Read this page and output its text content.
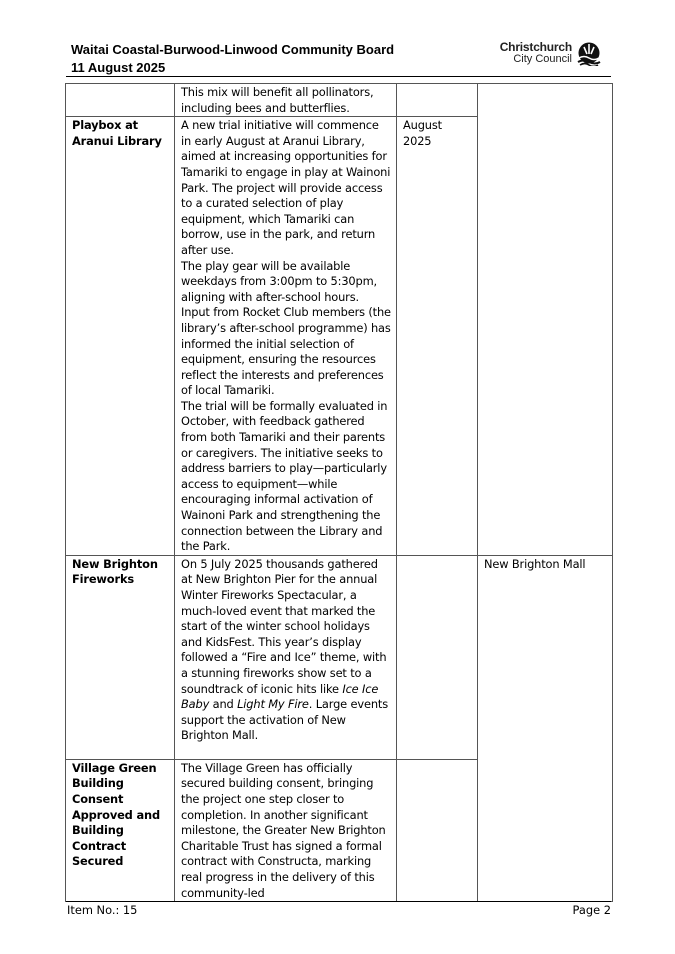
Waitai Coastal-Burwood-Linwood Community Board
11 August 2025
Christchurch
City Council

	This mix will benefit all pollinators, including bees and butterflies.		

Playbox at Aranui Library	A new trial initiative will commence in early August at Aranui Library, aimed at increasing opportunities for Tamariki to engage in play at Wainoni Park. The project will provide access to a curated selection of play equipment, which Tamariki can borrow, use in the park, and return after use.

The play gear will be available weekdays from 3:00pm to 5:30pm, aligning with after-school hours. Input from Rocket Club members (the library’s after-school programme) has informed the initial selection of equipment, ensuring the resources reflect the interests and preferences of local Tamariki.

The trial will be formally evaluated in October, with feedback gathered from both Tamariki and their parents or caregivers. The initiative seeks to address barriers to play—particularly access to equipment—while encouraging informal activation of Wainoni Park and strengthening the connection between the Library and the Park.	August 2025	
New Brighton Fireworks	On 5 July 2025 thousands gathered at New Brighton Pier for the annual Winter Fireworks Spectacular, a much-loved event that marked the start of the winter school holidays and KidsFest. This year’s display followed a “Fire and Ice” theme, with a stunning fireworks show set to a soundtrack of iconic hits like Ice Ice Baby and Light My Fire. Large events support the activation of New Brighton Mall.		New Brighton Mall
Village Green Building Consent Approved and Building Contract Secured	The Village Green has officially secured building consent, bringing the project one step closer to completion. In another significant milestone, the Greater New Brighton Charitable Trust has signed a formal contract with Constructa, marking real progress in the delivery of this community-led		

Item No.: 15	Page 2
